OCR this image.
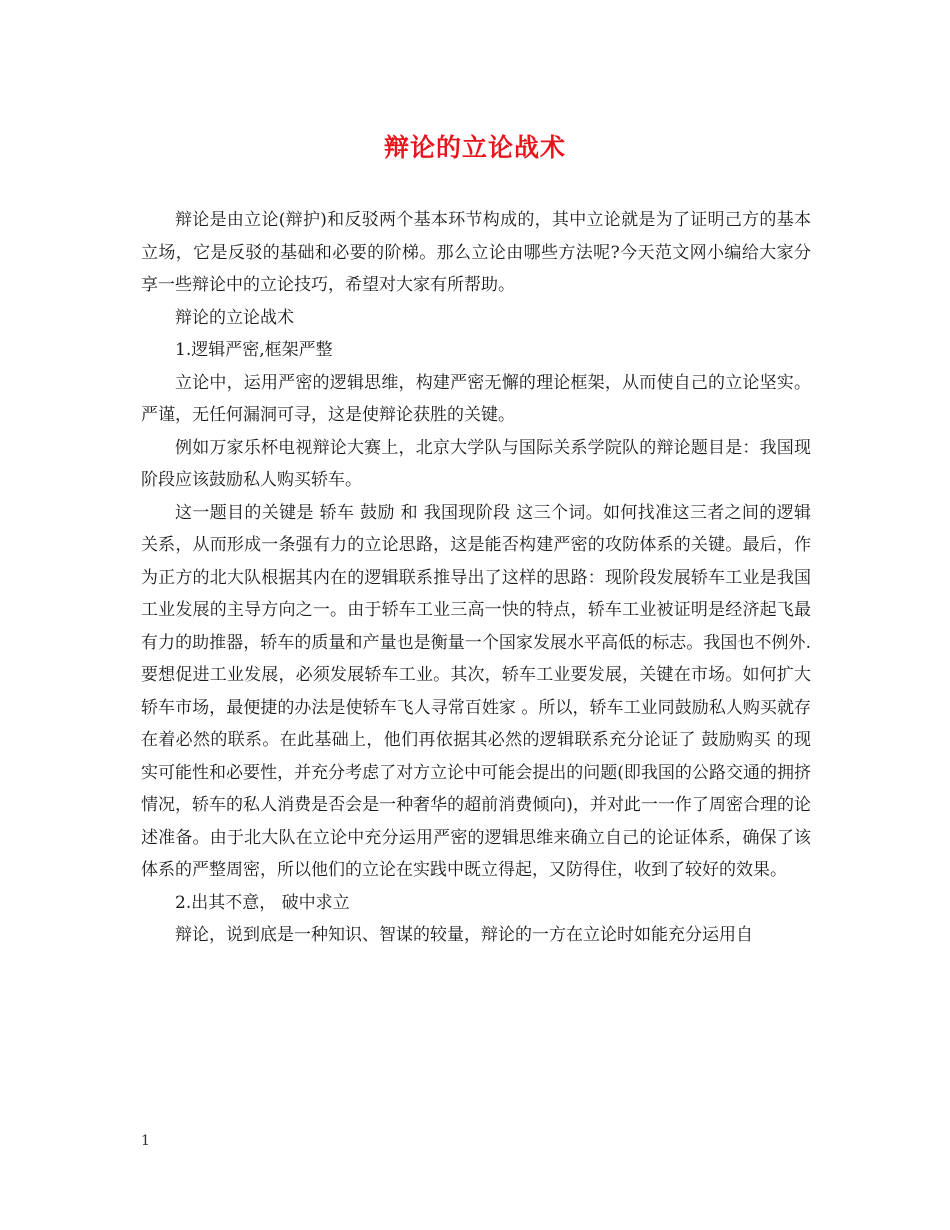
辩论的立论战术

辩论是由立论(辩护)和反驳两个基本环节构成的，其中立论就是为了证明己方的基本立场，它是反驳的基础和必要的阶梯。那么立论由哪些方法呢?今天范文网小编给大家分享一些辩论中的立论技巧，希望对大家有所帮助。

辩论的立论战术

1.逻辑严密,框架严整

立论中，运用严密的逻辑思维，构建严密无懈的理论框架，从而使自己的立论坚实。严谨，无任何漏洞可寻，这是使辩论获胜的关键。

例如万家乐杯电视辩论大赛上，北京大学队与国际关系学院队的辩论题目是：我国现阶段应该鼓励私人购买轿车。

这一题目的关键是 轿车 鼓励 和 我国现阶段 这三个词。如何找准这三者之间的逻辑关系，从而形成一条强有力的立论思路，这是能否构建严密的攻防体系的关键。最后，作为正方的北大队根据其内在的逻辑联系推导出了这样的思路：现阶段发展轿车工业是我国工业发展的主导方向之一。由于轿车工业三高一快的特点，轿车工业被证明是经济起飞最有力的助推器，轿车的质量和产量也是衡量一个国家发展水平高低的标志。我国也不例外.要想促进工业发展，必须发展轿车工业。其次，轿车工业要发展，关键在市场。如何扩大轿车市场，最便捷的办法是使轿车飞人寻常百姓家 。所以，轿车工业同鼓励私人购买就存在着必然的联系。在此基础上，他们再依据其必然的逻辑联系充分论证了 鼓励购买 的现实可能性和必要性，并充分考虑了对方立论中可能会提出的问题(即我国的公路交通的拥挤情况，轿车的私人消费是否会是一种奢华的超前消费倾向)，并对此一一作了周密合理的论述准备。由于北大队在立论中充分运用严密的逻辑思维来确立自己的论证体系，确保了该体系的严整周密，所以他们的立论在实践中既立得起，又防得住，收到了较好的效果。

2.出其不意， 破中求立

辩论，说到底是一种知识、智谋的较量，辩论的一方在立论时如能充分运用自

1
